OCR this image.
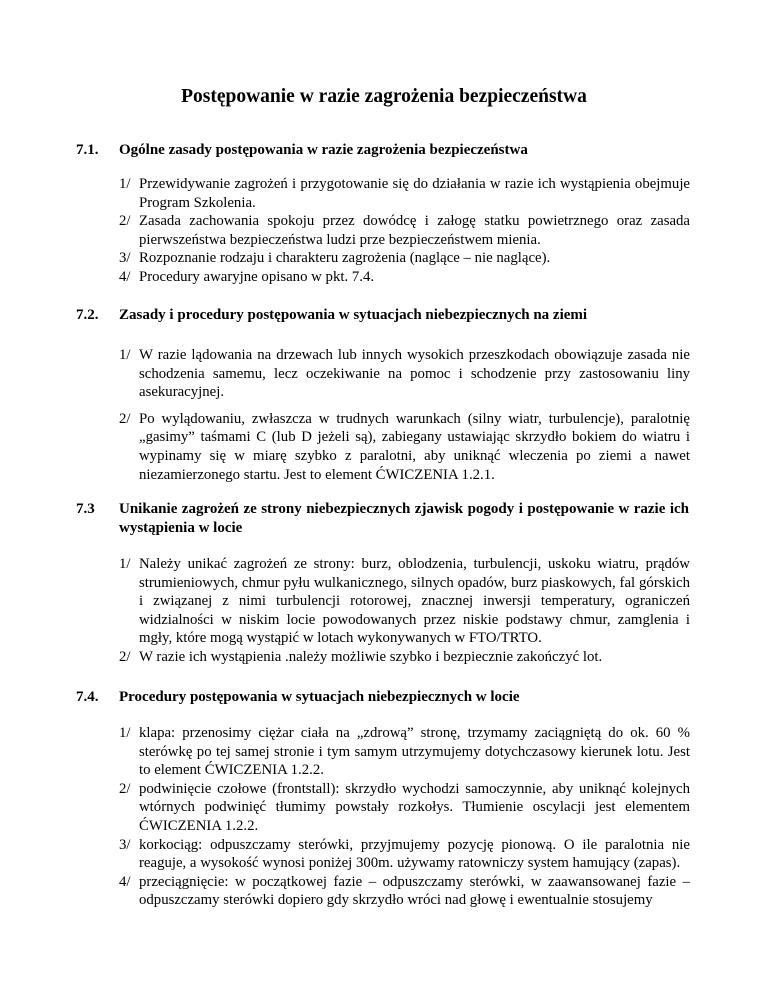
Postępowanie w razie zagrożenia bezpieczeństwa
7.1. Ogólne zasady postępowania w razie zagrożenia bezpieczeństwa
1/ Przewidywanie zagrożeń i przygotowanie się do działania w razie ich wystąpienia obejmuje Program Szkolenia.
2/ Zasada zachowania spokoju przez dowódcę i załogę statku powietrznego oraz zasada pierwszeństwa bezpieczeństwa ludzi prze bezpieczeństwem mienia.
3/ Rozpoznanie rodzaju i charakteru zagrożenia (naglące – nie naglące).
4/ Procedury awaryjne opisano w pkt. 7.4.
7.2. Zasady i procedury postępowania w sytuacjach niebezpiecznych na ziemi
1/ W razie lądowania na drzewach lub innych wysokich przeszkodach obowiązuje zasada nie schodzenia samemu, lecz oczekiwanie na pomoc i schodzenie przy zastosowaniu liny asekuracyjnej.
2/ Po wylądowaniu, zwłaszcza w trudnych warunkach (silny wiatr, turbulencje), paralotnię „gasimy” taśmami C (lub D jeżeli są), zabiegany ustawiając skrzydło bokiem do wiatru i wypinamy się w miarę szybko z paralotni, aby uniknąć wleczenia po ziemi a nawet niezamierzonego startu. Jest to element ĆWICZENIA 1.2.1.
7.3 Unikanie zagrożeń ze strony niebezpiecznych zjawisk pogody i postępowanie w razie ich wystąpienia w locie
1/ Należy unikać zagrożeń ze strony: burz, oblodzenia, turbulencji, uskoku wiatru, prądów strumieniowych, chmur pyłu wulkanicznego, silnych opadów, burz piaskowych, fal górskich i związanej z nimi turbulencji rotorowej, znacznej inwersji temperatury, ograniczeń widzialności w niskim locie powodowanych przez niskie podstawy chmur, zamglenia i mgły, które mogą wystąpić w lotach wykonywanych w FTO/TRTO.
2/ W razie ich wystąpienia .należy możliwie szybko i bezpiecznie zakończyć lot.
7.4. Procedury postępowania w sytuacjach niebezpiecznych w locie
1/ klapa: przenosimy ciężar ciała na „zdrową” stronę, trzymamy zaciągniętą do ok. 60 % sterówkę po tej samej stronie i tym samym utrzymujemy dotychczasowy kierunek lotu. Jest to element ĆWICZENIA 1.2.2.
2/ podwinięcie czołowe (frontstall): skrzydło wychodzi samoczynnie, aby uniknąć kolejnych wtórnych podwinięć tłumimy powstały rozkołys. Tłumienie oscylacji jest elementem ĆWICZENIA 1.2.2.
3/ korkociąg: odpuszczamy sterówki, przyjmujemy pozycję pionową. O ile paralotnia nie reaguje, a wysokość wynosi poniżej 300m. używamy ratowniczy system hamujący (zapas).
4/ przeciągnięcie: w początkowej fazie – odpuszczamy sterówki, w zaawansowanej fazie – odpuszczamy sterówki dopiero gdy skrzydło wróci nad głowę i ewentualnie stosujemy
